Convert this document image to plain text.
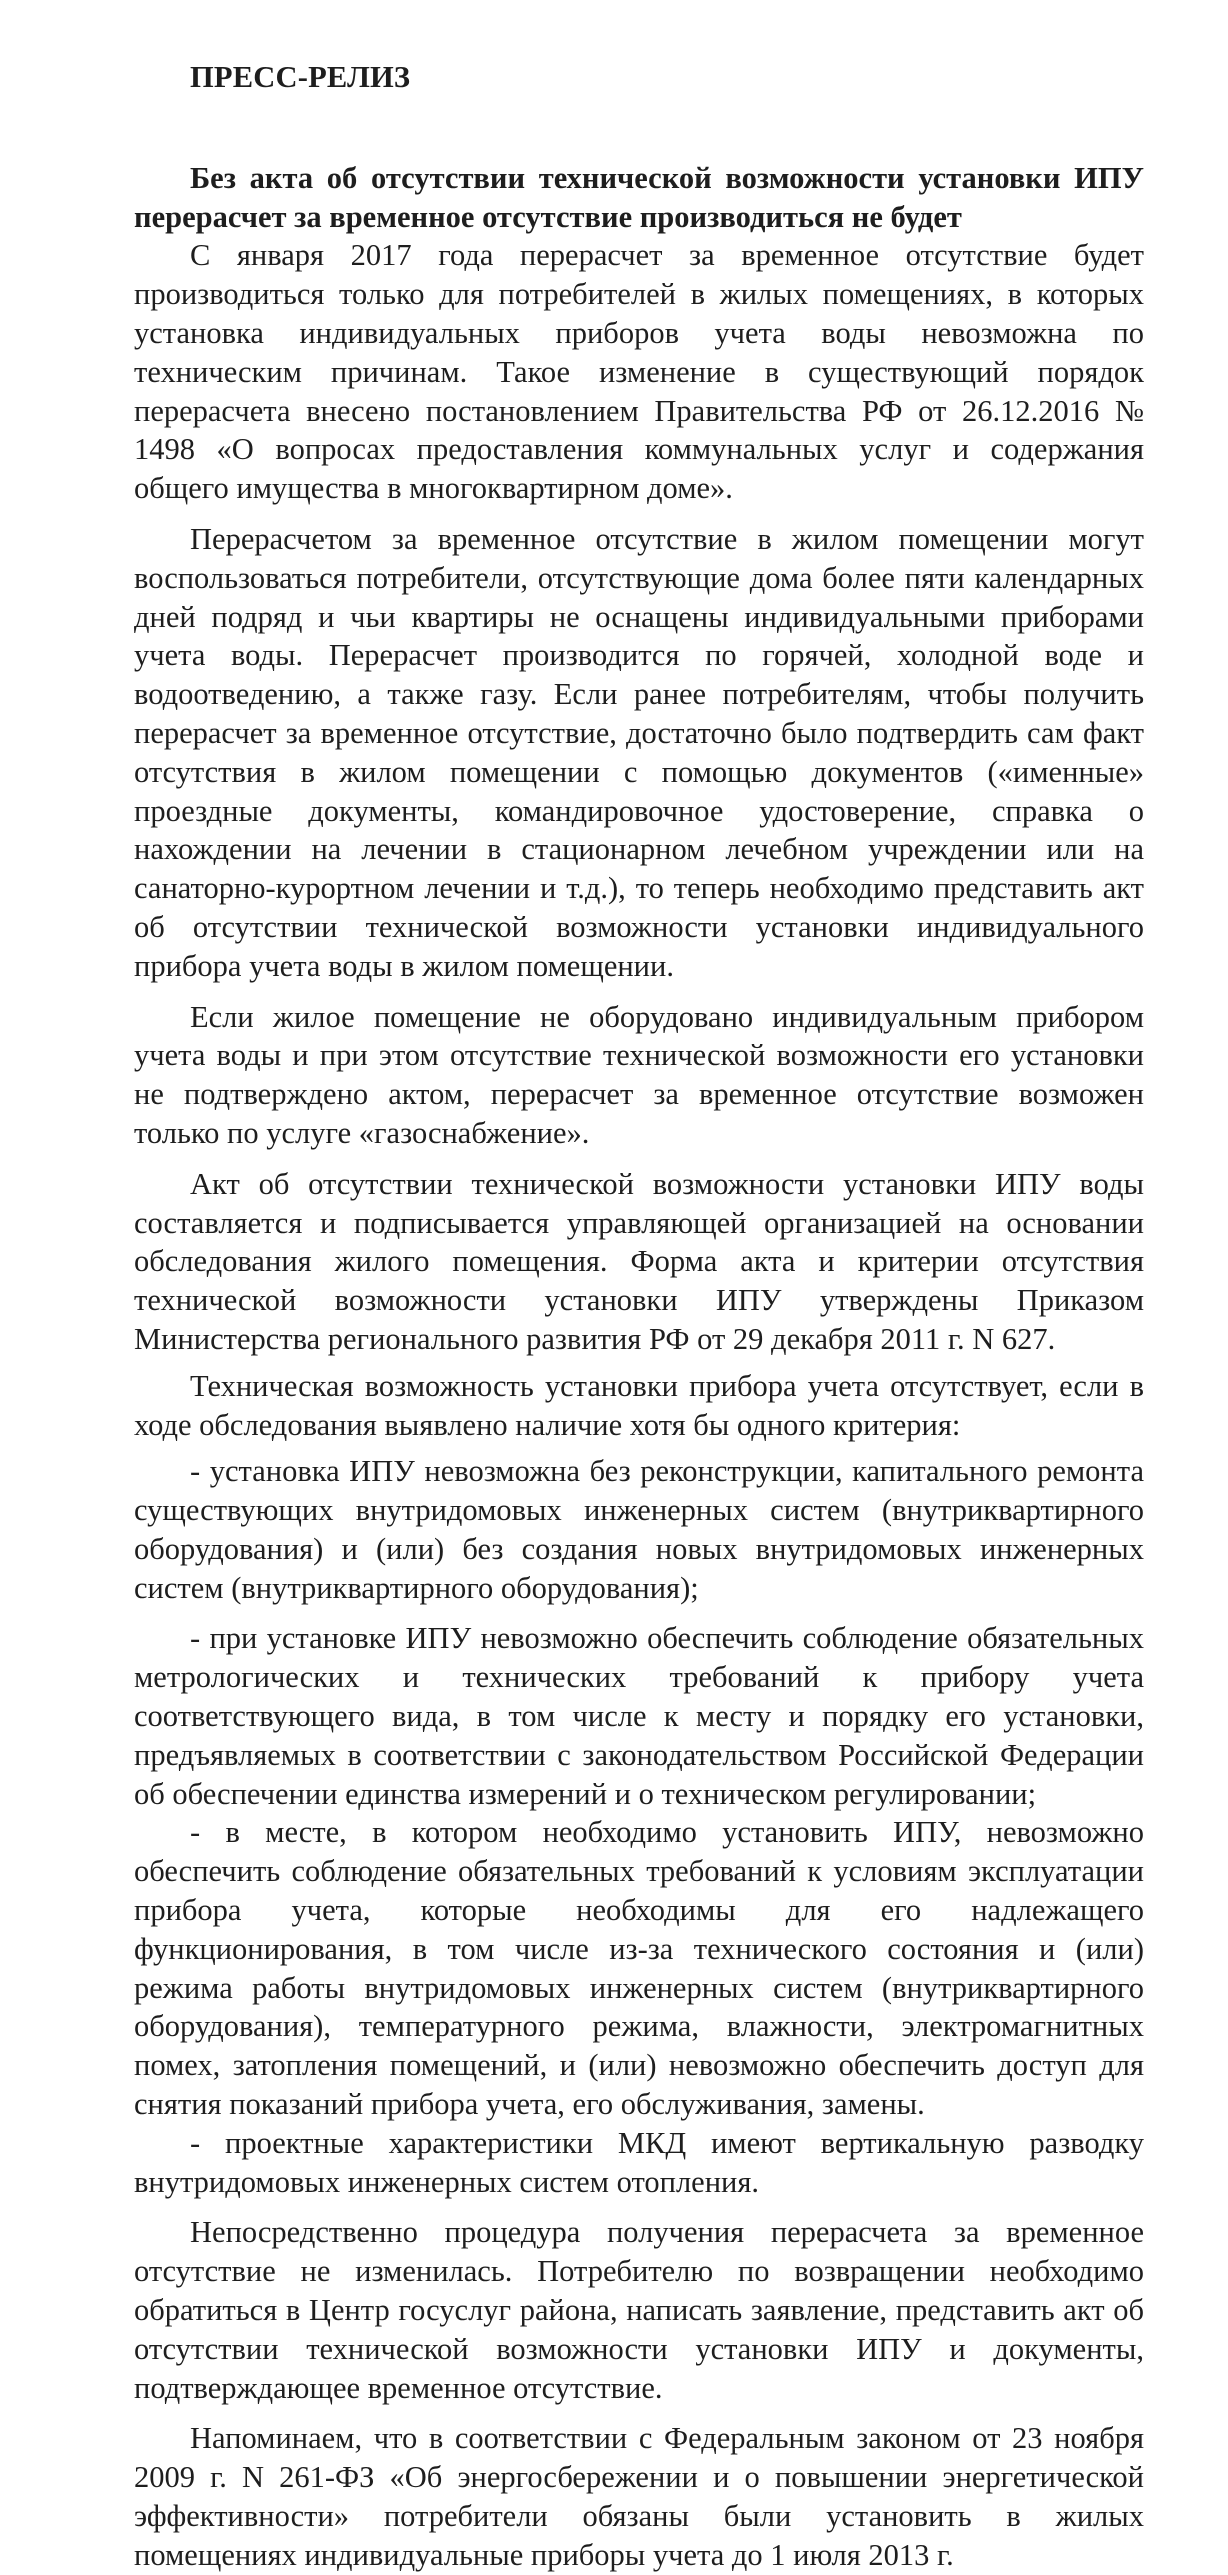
ПРЕСС-РЕЛИЗ

Без акта об отсутствии технической возможности установки ИПУ перерасчет за временное отсутствие производиться не будет

С января 2017 года перерасчет за временное отсутствие будет производиться только для потребителей в жилых помещениях, в которых установка индивидуальных приборов учета воды невозможна по техническим причинам. Такое изменение в существующий порядок перерасчета внесено постановлением Правительства РФ от 26.12.2016 № 1498 «О вопросах предоставления коммунальных услуг и содержания общего имущества в многоквартирном доме».

Перерасчетом за временное отсутствие в жилом помещении могут воспользоваться потребители, отсутствующие дома более пяти календарных дней подряд и чьи квартиры не оснащены индивидуальными приборами учета воды. Перерасчет производится по горячей, холодной воде и водоотведению, а также газу. Если ранее потребителям, чтобы получить перерасчет за временное отсутствие, достаточно было подтвердить сам факт отсутствия в жилом помещении с помощью документов («именные» проездные документы, командировочное удостоверение, справка о нахождении на лечении в стационарном лечебном учреждении или на санаторно-курортном лечении и т.д.), то теперь необходимо представить акт об отсутствии технической возможности установки индивидуального прибора учета воды в жилом помещении.

Если жилое помещение не оборудовано индивидуальным прибором учета воды и при этом отсутствие технической возможности его установки не подтверждено актом, перерасчет за временное отсутствие возможен только по услуге «газоснабжение».

Акт об отсутствии технической возможности установки ИПУ воды составляется и подписывается управляющей организацией на основании обследования жилого помещения. Форма акта и критерии отсутствия технической возможности установки ИПУ утверждены Приказом Министерства регионального развития РФ от 29 декабря 2011 г. N 627.

Техническая возможность установки прибора учета отсутствует, если в ходе обследования выявлено наличие хотя бы одного критерия:

- установка ИПУ невозможна без реконструкции, капитального ремонта существующих внутридомовых инженерных систем (внутриквартирного оборудования) и (или) без создания новых внутридомовых инженерных систем (внутриквартирного оборудования);

- при установке ИПУ невозможно обеспечить соблюдение обязательных метрологических и технических требований к прибору учета соответствующего вида, в том числе к месту и порядку его установки, предъявляемых в соответствии с законодательством Российской Федерации об обеспечении единства измерений и о техническом регулировании;

- в месте, в котором необходимо установить ИПУ, невозможно обеспечить соблюдение обязательных требований к условиям эксплуатации прибора учета, которые необходимы для его надлежащего функционирования, в том числе из-за технического состояния и (или) режима работы внутридомовых инженерных систем (внутриквартирного оборудования), температурного режима, влажности, электромагнитных помех, затопления помещений, и (или) невозможно обеспечить доступ для снятия показаний прибора учета, его обслуживания, замены.

- проектные характеристики МКД имеют вертикальную разводку внутридомовых инженерных систем отопления.

Непосредственно процедура получения перерасчета за временное отсутствие не изменилась. Потребителю по возвращении необходимо обратиться в Центр госуслуг района, написать заявление, представить акт об отсутствии технической возможности установки ИПУ и документы, подтверждающее временное отсутствие.

Напоминаем, что в соответствии с Федеральным законом от 23 ноября 2009 г. N 261-ФЗ «Об энергосбережении и о повышении энергетической эффективности» потребители обязаны были установить в жилых помещениях индивидуальные приборы учета до 1 июля 2013 г.
